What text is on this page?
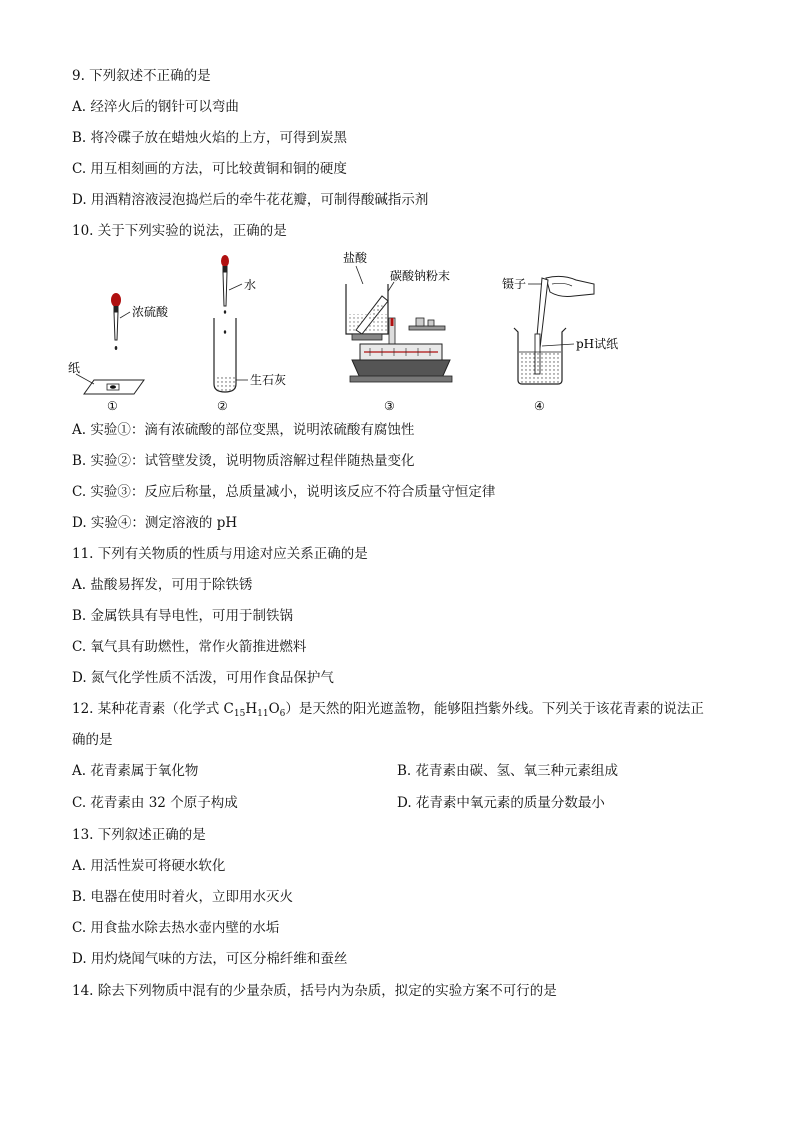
9. 下列叙述不正确的是
A. 经淬火后的钢针可以弯曲
B. 将冷碟子放在蜡烛火焰的上方，可得到炭黑
C. 用互相刻画的方法，可比较黄铜和铜的硬度
D. 用酒精溶液浸泡捣烂后的牵牛花花瓣，可制得酸碱指示剂
10. 关于下列实验的说法，正确的是
浓硫酸
纸
①
水
生石灰
②
盐酸
碳酸钠粉末
③
镊子
pH试纸
④
A. 实验①：滴有浓硫酸的部位变黑，说明浓硫酸有腐蚀性
B. 实验②：试管壁发烫，说明物质溶解过程伴随热量变化
C. 实验③：反应后称量，总质量减小，说明该反应不符合质量守恒定律
D. 实验④：测定溶液的 pH
11. 下列有关物质的性质与用途对应关系正确的是
A. 盐酸易挥发，可用于除铁锈
B. 金属铁具有导电性，可用于制铁锅
C. 氧气具有助燃性，常作火箭推进燃料
D. 氮气化学性质不活泼，可用作食品保护气
12. 某种花青素（化学式 $C_{15}H_{11}O_6$）是天然的阳光遮盖物，能够阻挡紫外线。下列关于该花青素的说法正
确的是
A. 花青素属于氧化物	B. 花青素由碳、氢、氧三种元素组成
C. 花青素由 32 个原子构成	D. 花青素中氧元素的质量分数最小
13. 下列叙述正确的是
A. 用活性炭可将硬水软化
B. 电器在使用时着火，立即用水灭火
C. 用食盐水除去热水壶内壁的水垢
D. 用灼烧闻气味的方法，可区分棉纤维和蚕丝
14. 除去下列物质中混有的少量杂质，括号内为杂质，拟定的实验方案不可行的是
